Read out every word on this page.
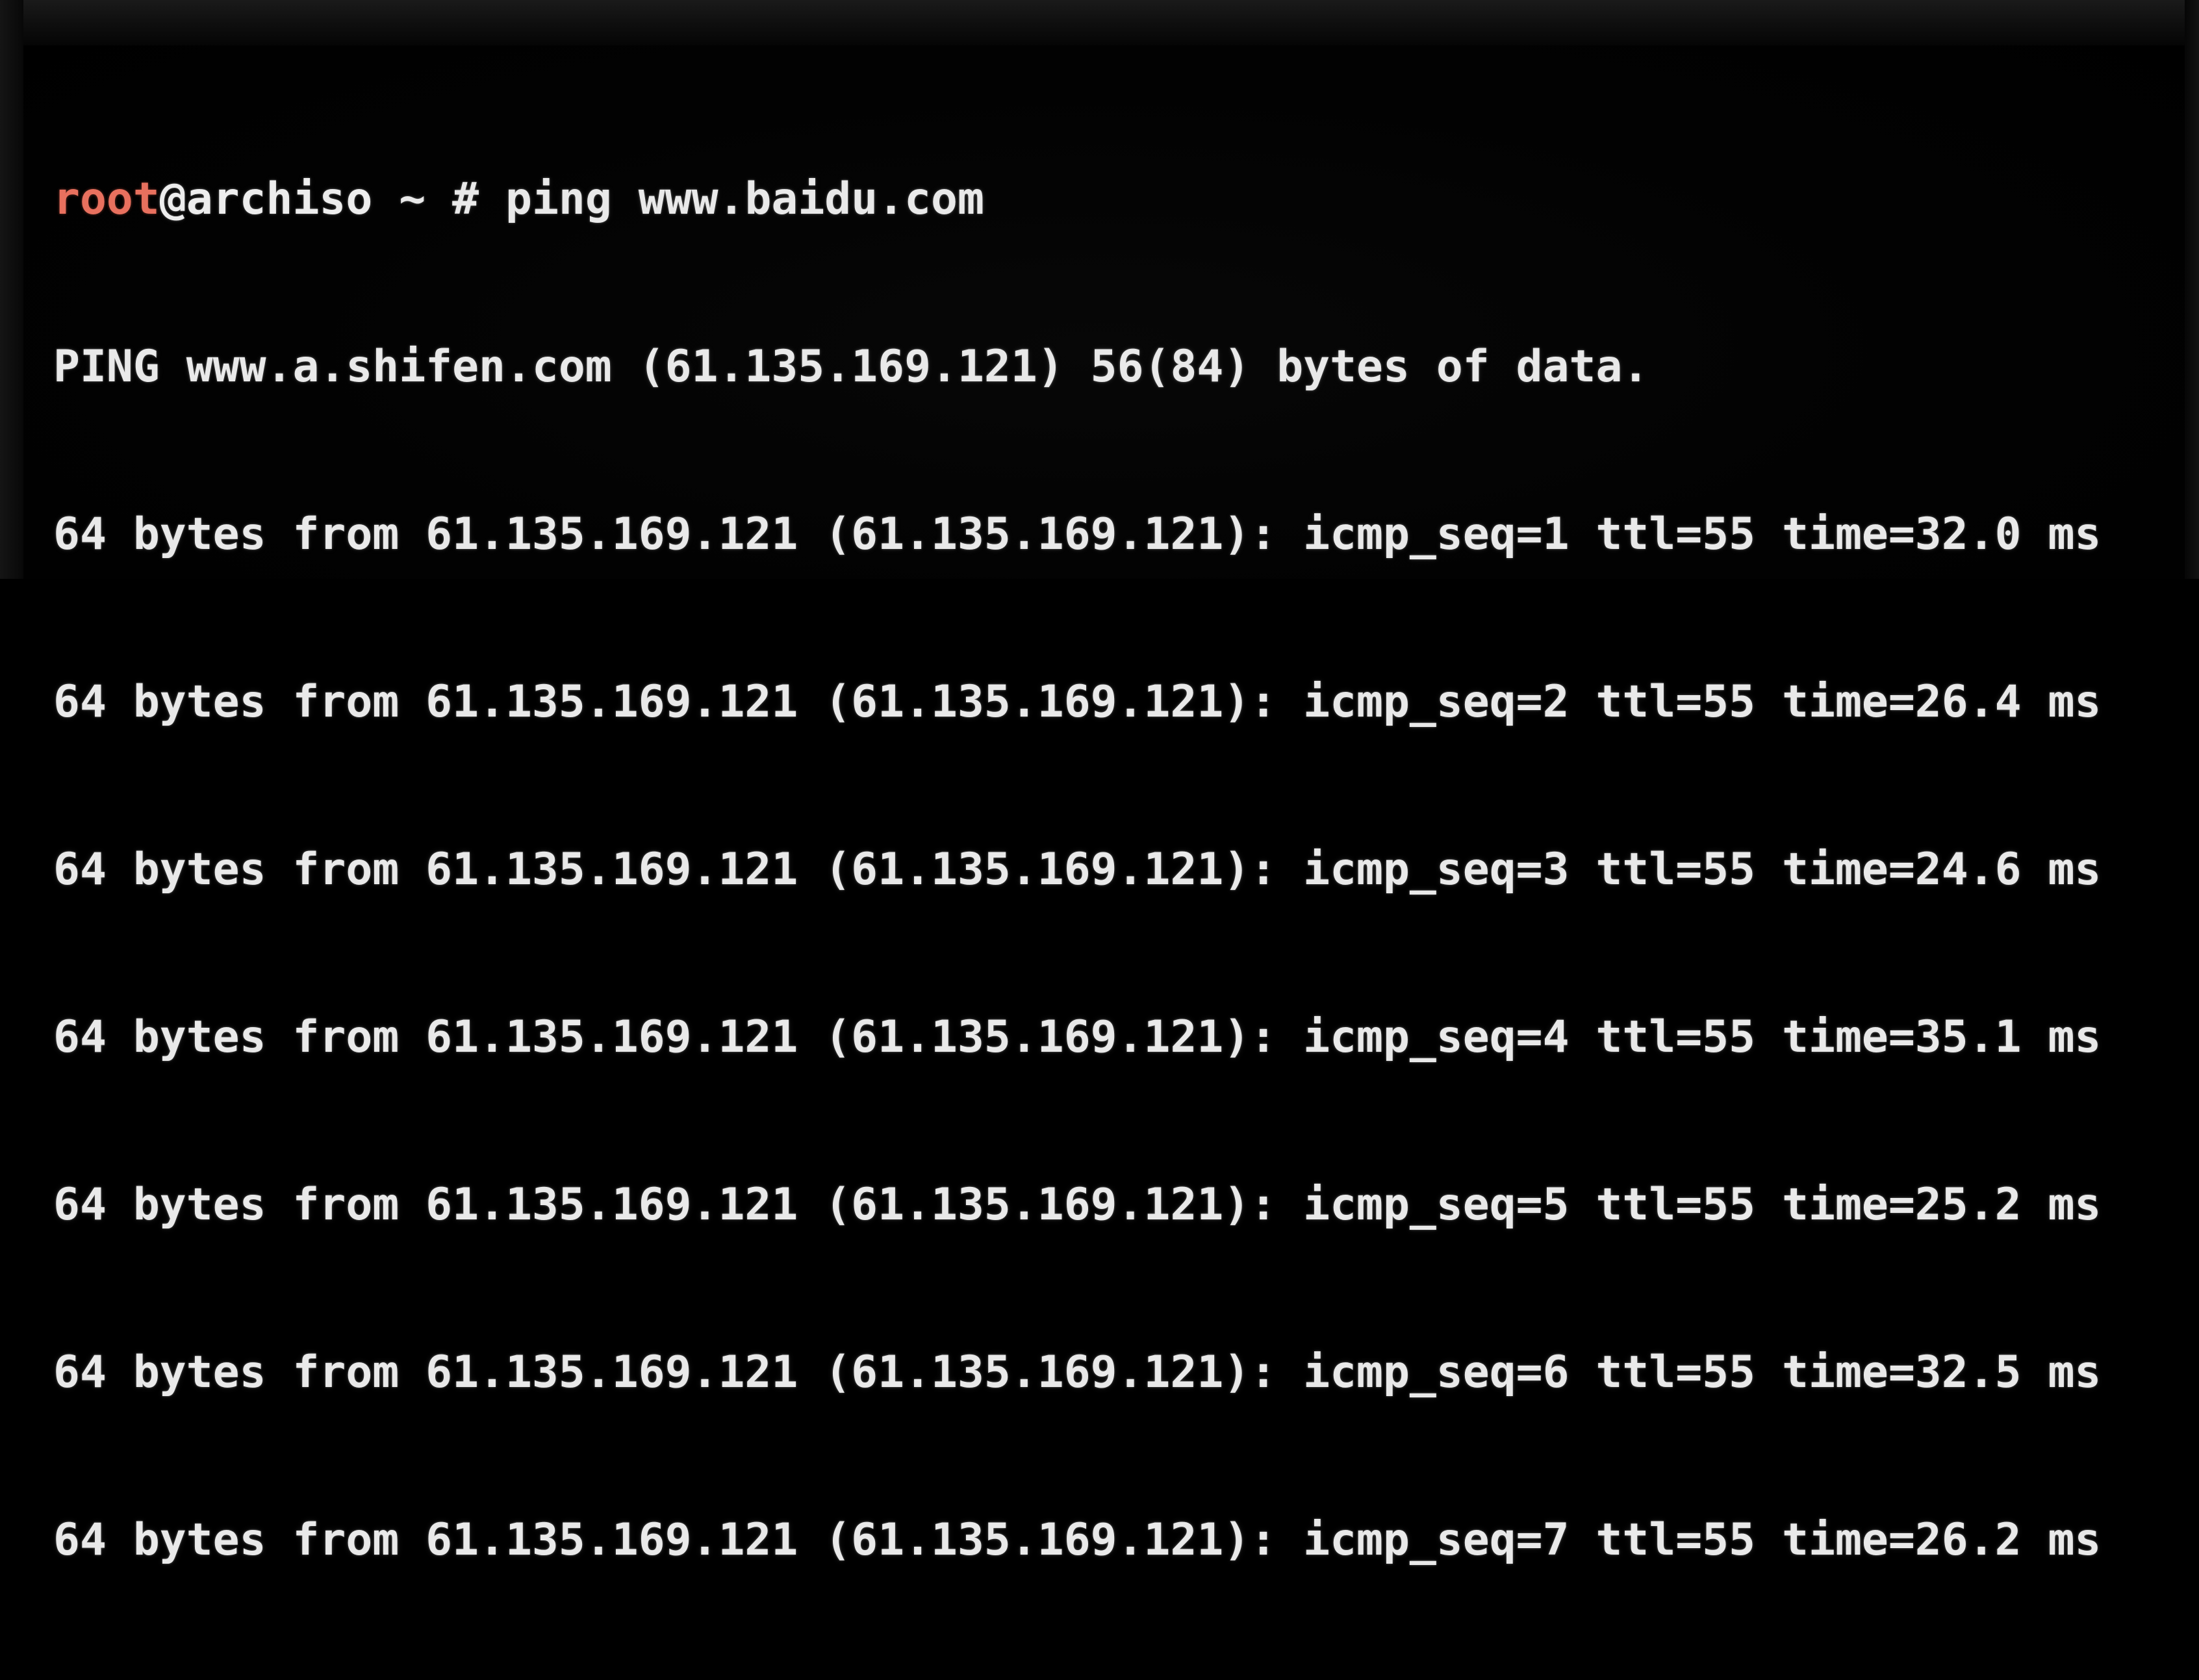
root@archiso ~ # ping www.baidu.com

PING www.a.shifen.com (61.135.169.121) 56(84) bytes of data.

64 bytes from 61.135.169.121 (61.135.169.121): icmp_seq=1 ttl=55 time=32.0 ms

64 bytes from 61.135.169.121 (61.135.169.121): icmp_seq=2 ttl=55 time=26.4 ms

64 bytes from 61.135.169.121 (61.135.169.121): icmp_seq=3 ttl=55 time=24.6 ms

64 bytes from 61.135.169.121 (61.135.169.121): icmp_seq=4 ttl=55 time=35.1 ms

64 bytes from 61.135.169.121 (61.135.169.121): icmp_seq=5 ttl=55 time=25.2 ms

64 bytes from 61.135.169.121 (61.135.169.121): icmp_seq=6 ttl=55 time=32.5 ms

64 bytes from 61.135.169.121 (61.135.169.121): icmp_seq=7 ttl=55 time=26.2 ms
